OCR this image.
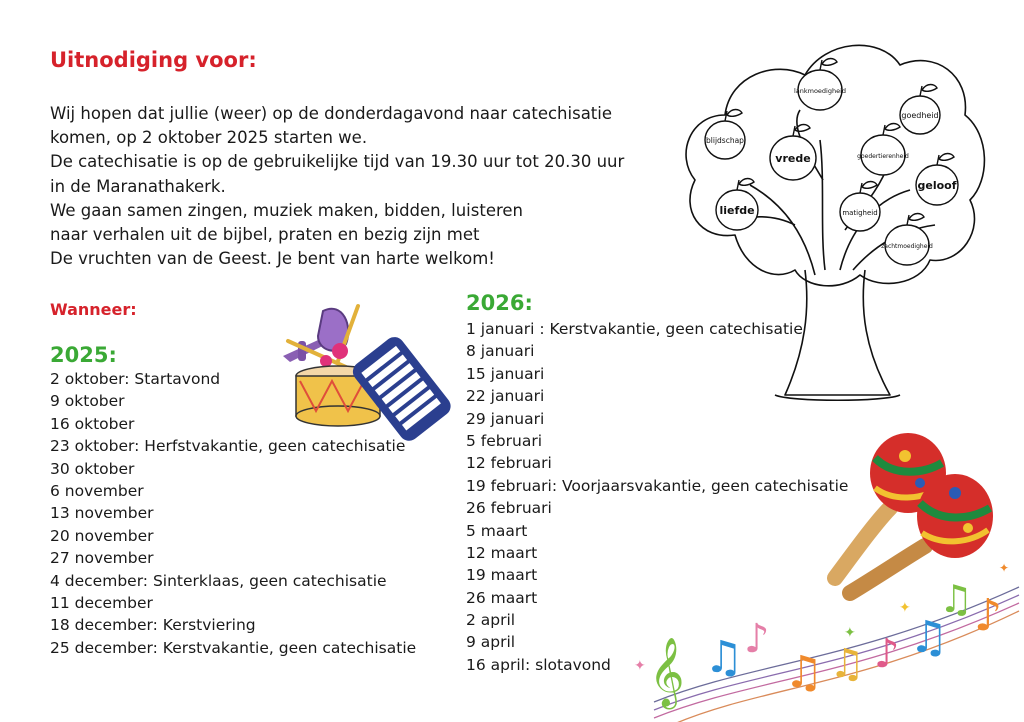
Uitnodiging voor:
Wij hopen dat jullie (weer) op de donderdagavond naar catechisatie
komen, op 2 oktober 2025 starten we.
De catechisatie is op de gebruikelijke tijd van 19.30 uur tot 20.30 uur
in de Maranathakerk.
We gaan samen zingen, muziek maken, bidden, luisteren
naar verhalen uit de bijbel, praten en bezig zijn met
De vruchten van de Geest. Je bent van harte welkom!
Wanneer:
2025:
2 oktober: Startavond
9 oktober
16 oktober
23 oktober: Herfstvakantie, geen catechisatie
30 oktober
6 november
13 november
20 november
27 november
4 december: Sinterklaas, geen catechisatie
11 december
18 december: Kerstviering
25 december: Kerstvakantie, geen catechisatie
2026:
1 januari : Kerstvakantie, geen catechisatie
8 januari
15 januari
22 januari
29 januari
5 februari
12 februari
19 februari: Voorjaarsvakantie, geen catechisatie
26 februari
5 maart
12 maart
19 maart
26 maart
2 april
9 april
16 april: slotavond
lankmoedigheid
goedheid
blijdschap
vrede	goedertierenheid
geloof
liefde	matigheid
zachtmoedigheid
𝄞 ♫ ♪
♫ ♫ ♪ ♫
♫ ♪
✦
✦
✦
✦
